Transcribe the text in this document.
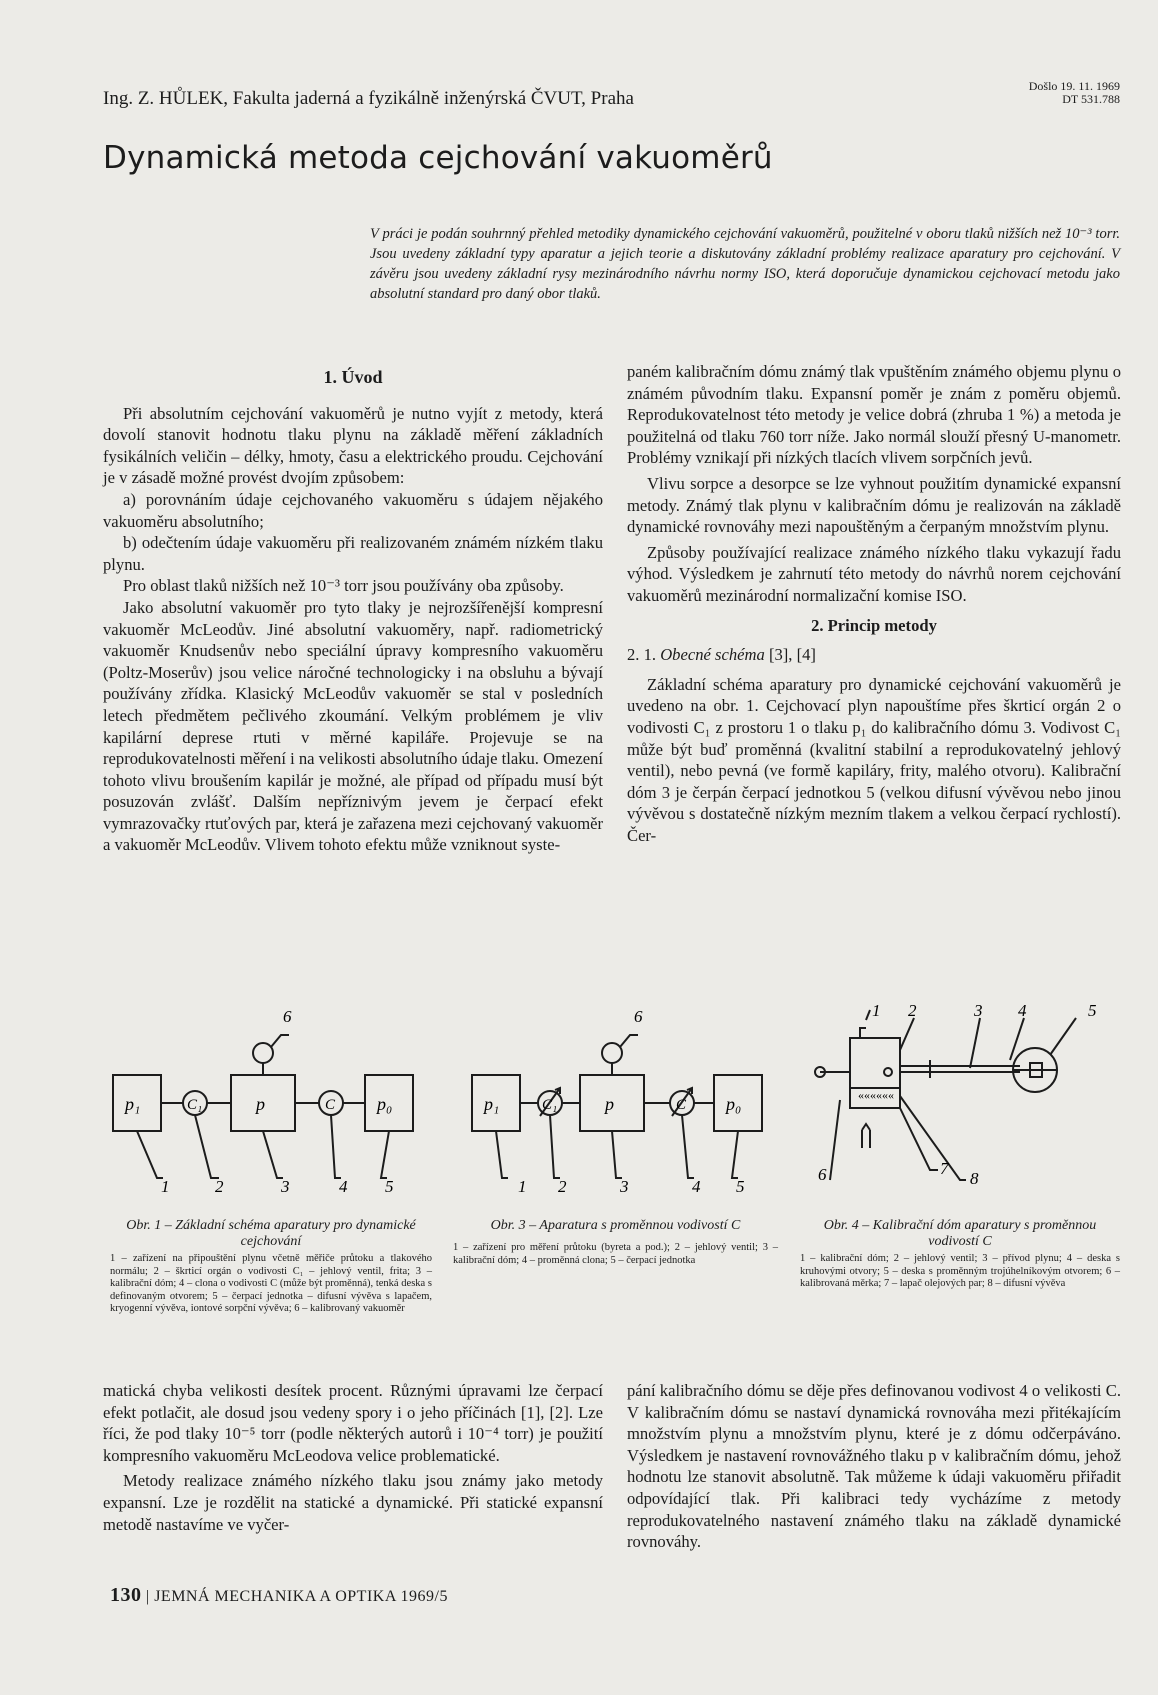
Ing. Z. HŮLEK, Fakulta jaderná a fyzikálně inženýrská ČVUT, Praha
Došlo 19. 11. 1969
DT 531.788
Dynamická metoda cejchování vakuoměrů
V práci je podán souhrnný přehled metodiky dynamického cejchování vakuoměrů, použitelné v oboru tlaků nižších než 10⁻³ torr. Jsou uvedeny základní typy aparatur a jejich teorie a diskutovány základní problémy realizace aparatury pro cejchování. V závěru jsou uvedeny základní rysy mezinárodního návrhu normy ISO, která doporučuje dynamickou cejchovací metodu jako absolutní standard pro daný obor tlaků.

1. Úvod

Při absolutním cejchování vakuoměrů je nutno vyjít z metody, která dovolí stanovit hodnotu tlaku plynu na základě měření základních fysikálních veličin – délky, hmoty, času a elektrického proudu. Cejchování je v zásadě možné provést dvojím způsobem:

a) porovnáním údaje cejchovaného vakuoměru s údajem nějakého vakuoměru absolutního;

b) odečtením údaje vakuoměru při realizovaném známém nízkém tlaku plynu.

Pro oblast tlaků nižších než 10⁻³ torr jsou používány oba způsoby.

Jako absolutní vakuoměr pro tyto tlaky je nejrozšířenější kompresní vakuoměr McLeodův. Jiné absolutní vakuoměry, např. radiometrický vakuoměr Knudsenův nebo speciální úpravy kompresního vakuoměru (Poltz-Moserův) jsou velice náročné technologicky i na obsluhu a bývají používány zřídka. Klasický McLeodův vakuoměr se stal v posledních letech předmětem pečlivého zkoumání. Velkým problémem je vliv kapilární deprese rtuti v měrné kapiláře. Projevuje se na reprodukovatelnosti měření i na velikosti absolutního údaje tlaku. Omezení tohoto vlivu broušením kapilár je možné, ale případ od případu musí být posuzován zvlášť. Dalším nepříznivým jevem je čerpací efekt vymrazovačky rtuťových par, která je zařazena mezi cejchovaný vakuoměr a vakuoměr McLeodův. Vlivem tohoto efektu může vzniknout syste-

paném kalibračním dómu známý tlak vpuštěním známého objemu plynu o známém původním tlaku. Expansní poměr je znám z poměru objemů. Reprodukovatelnost této metody je velice dobrá (zhruba 1 %) a metoda je použitelná od tlaku 760 torr níže. Jako normál slouží přesný U-manometr. Problémy vznikají při nízkých tlacích vlivem sorpčních jevů.

Vlivu sorpce a desorpce se lze vyhnout použitím dynamické expansní metody. Známý tlak plynu v kalibračním dómu je realizován na základě dynamické rovnováhy mezi napouštěným a čerpaným množstvím plynu.

Způsoby používající realizace známého nízkého tlaku vykazují řadu výhod. Výsledkem je zahrnutí této metody do návrhů norem cejchování vakuoměrů mezinárodní normalizační komise ISO.

2. Princip metody

2. 1. Obecné schéma [3], [4]

Základní schéma aparatury pro dynamické cejchování vakuoměrů je uvedeno na obr. 1. Cejchovací plyn napouštíme přes škrticí orgán 2 o vodivosti C₁ z prostoru 1 o tlaku p₁ do kalibračního dómu 3. Vodivost C₁ může být buď proměnná (kvalitní stabilní a reprodukovatelný jehlový ventil), nebo pevná (ve formě kapiláry, frity, malého otvoru). Kalibrační dóm 3 je čerpán čerpací jednotkou 5 (velkou difusní vývěvou nebo jinou vývěvou s dostatečně nízkým mezním tlakem a velkou čerpací rychlostí). Čer-

p₁	C₁	p	C p₀
1	2	3	4 5
6
p₁	C₁	p	C p₀
1 2	3	4 5
6
««««««
1 2	3 4	5
6	7
8
Obr. 1 – Základní schéma aparatury pro dynamické cejchování
1 – zařízení na připouštění plynu včetně měřiče průtoku a tlakového normálu; 2 – škrticí orgán o vodivosti C₁ – jehlový ventil, frita; 3 – kalibrační dóm; 4 – clona o vodivosti C (může být proměnná), tenká deska s definovaným otvorem; 5 – čerpací jednotka – difusní vývěva s lapačem, kryogenní vývěva, iontové sorpční vývěva; 6 – kalibrovaný vakuoměr
Obr. 3 – Aparatura s proměnnou vodivostí C
1 – zařízení pro měření průtoku (byreta a pod.); 2 – jehlový ventil; 3 – kalibrační dóm; 4 – proměnná clona; 5 – čerpací jednotka
Obr. 4 – Kalibrační dóm aparatury s proměnnou vodivostí C
1 – kalibrační dóm; 2 – jehlový ventil; 3 – přívod plynu; 4 – deska s kruhovými otvory; 5 – deska s proměnným trojúhelníkovým otvorem; 6 – kalibrovaná měrka; 7 – lapač olejových par; 8 – difusní vývěva

matická chyba velikosti desítek procent. Různými úpravami lze čerpací efekt potlačit, ale dosud jsou vedeny spory i o jeho příčinách [1], [2]. Lze říci, že pod tlaky 10⁻⁵ torr (podle některých autorů i 10⁻⁴ torr) je použití kompresního vakuoměru McLeodova velice problematické.

Metody realizace známého nízkého tlaku jsou známy jako metody expansní. Lze je rozdělit na statické a dynamické. Při statické expansní metodě nastavíme ve vyčer-

pání kalibračního dómu se děje přes definovanou vodivost 4 o velikosti C. V kalibračním dómu se nastaví dynamická rovnováha mezi přitékajícím množstvím plynu a množstvím plynu, které je z dómu odčerpáváno. Výsledkem je nastavení rovnovážného tlaku p v kalibračním dómu, jehož hodnotu lze stanovit absolutně. Tak můžeme k údaji vakuoměru přiřadit odpovídající tlak. Při kalibraci tedy vycházíme z metody reprodukovatelného nastavení známého tlaku na základě dynamické rovnováhy.

130 | JEMNÁ MECHANIKA A OPTIKA 1969/5
